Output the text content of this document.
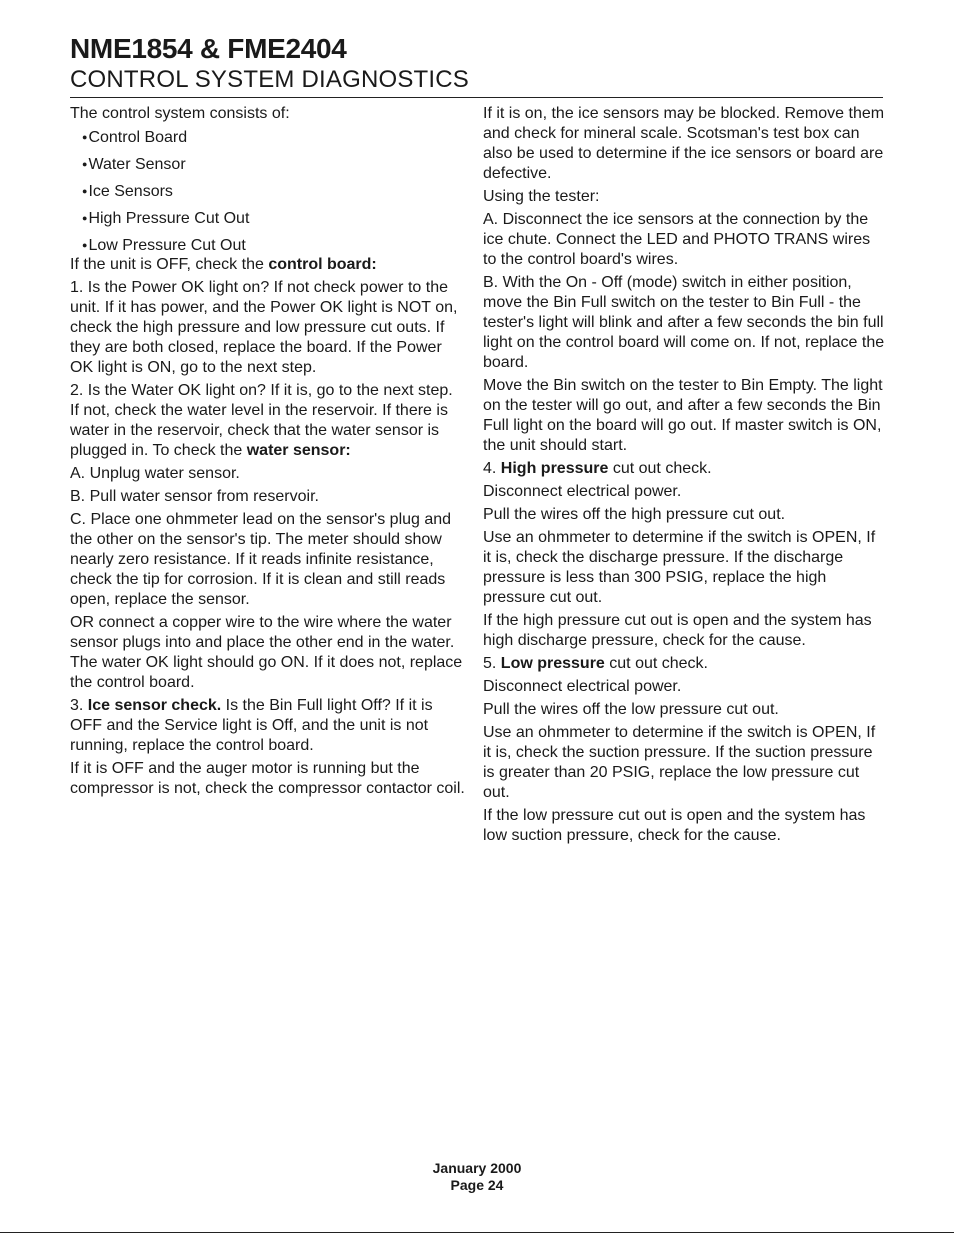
NME1854 & FME2404
CONTROL SYSTEM DIAGNOSTICS

The control system consists of:

● Control Board
● Water Sensor
● Ice Sensors
● High Pressure Cut Out
● Low Pressure Cut Out

If the unit is OFF, check the control board:

1. Is the Power OK light on? If not check power to the unit. If it has power, and the Power OK light is NOT on, check the high pressure and low pressure cut outs. If they are both closed, replace the board. If the Power OK light is ON, go to the next step.

2. Is the Water OK light on? If it is, go to the next step. If not, check the water level in the reservoir. If there is water in the reservoir, check that the water sensor is plugged in. To check the water sensor:

A. Unplug water sensor.

B. Pull water sensor from reservoir.

C. Place one ohmmeter lead on the sensor's plug and the other on the sensor's tip. The meter should show nearly zero resistance. If it reads infinite resistance, check the tip for corrosion. If it is clean and still reads open, replace the sensor.

OR connect a copper wire to the wire where the water sensor plugs into and place the other end in the water. The water OK light should go ON. If it does not, replace the control board.

3. Ice sensor check. Is the Bin Full light Off? If it is OFF and the Service light is Off, and the unit is not running, replace the control board.

If it is OFF and the auger motor is running but the compressor is not, check the compressor contactor coil.

If it is on, the ice sensors may be blocked. Remove them and check for mineral scale. Scotsman's test box can also be used to determine if the ice sensors or board are defective.

Using the tester:

A. Disconnect the ice sensors at the connection by the ice chute. Connect the LED and PHOTO TRANS wires to the control board's wires.

B. With the On - Off (mode) switch in either position, move the Bin Full switch on the tester to Bin Full - the tester's light will blink and after a few seconds the bin full light on the control board will come on. If not, replace the board.

Move the Bin switch on the tester to Bin Empty. The light on the tester will go out, and after a few seconds the Bin Full light on the board will go out. If master switch is ON, the unit should start.

4. High pressure cut out check.

Disconnect electrical power.

Pull the wires off the high pressure cut out.

Use an ohmmeter to determine if the switch is OPEN, If it is, check the discharge pressure. If the discharge pressure is less than 300 PSIG, replace the high pressure cut out.

If the high pressure cut out is open and the system has high discharge pressure, check for the cause.

5. Low pressure cut out check.

Disconnect electrical power.

Pull the wires off the low pressure cut out.

Use an ohmmeter to determine if the switch is OPEN, If it is, check the suction pressure. If the suction pressure is greater than 20 PSIG, replace the low pressure cut out.

If the low pressure cut out is open and the system has low suction pressure, check for the cause.

January 2000
Page 24
